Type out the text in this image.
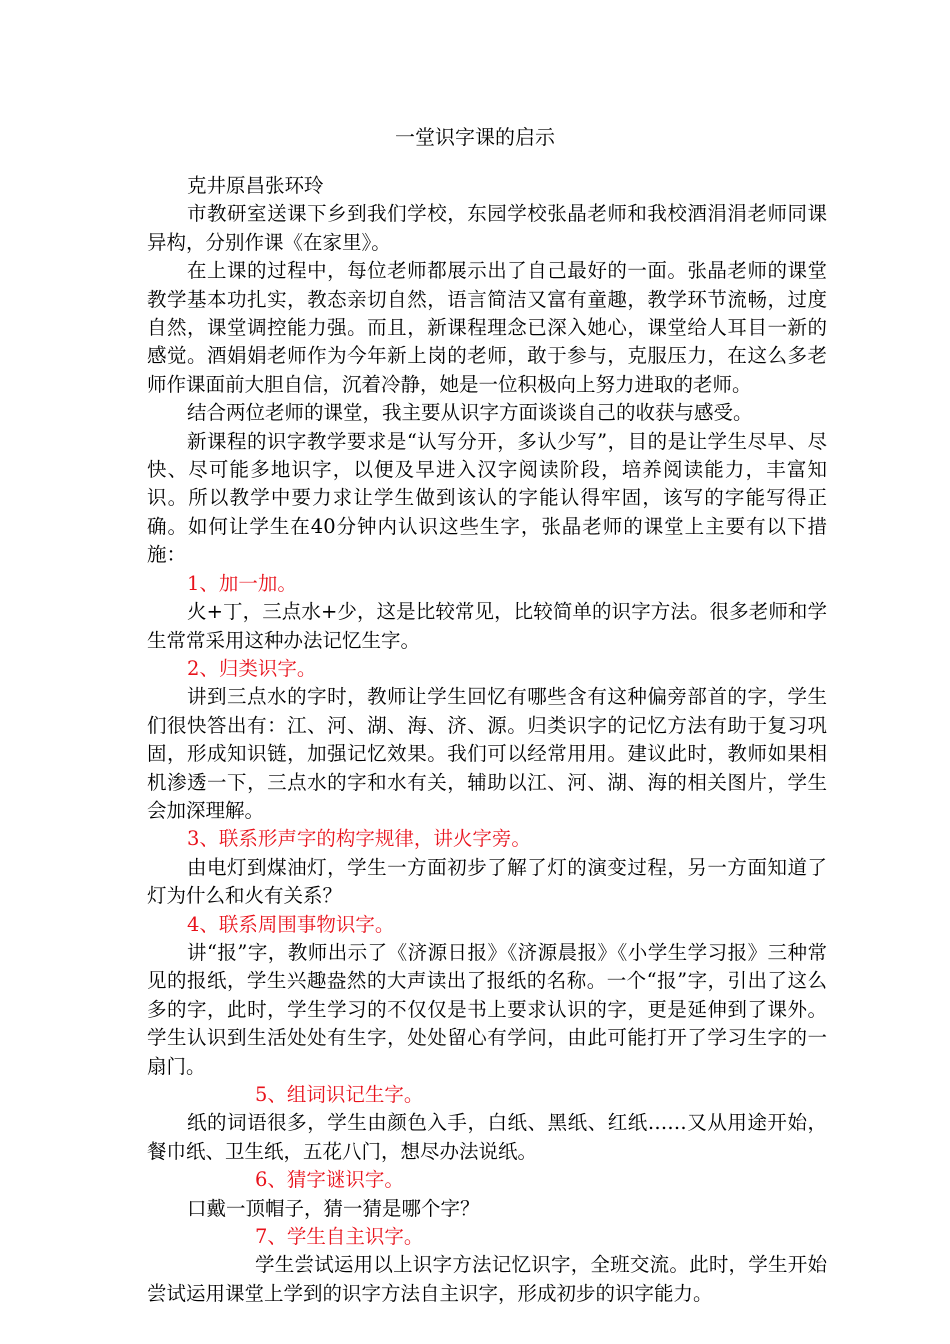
一堂识字课的启示

克井原昌张环玲

市教研室送课下乡到我们学校，东园学校张晶老师和我校酒涓涓老师同课异构，分别作课《在家里》。

在上课的过程中，每位老师都展示出了自己最好的一面。张晶老师的课堂教学基本功扎实，教态亲切自然，语言简洁又富有童趣，教学环节流畅，过度自然，课堂调控能力强。而且，新课程理念已深入她心，课堂给人耳目一新的感觉。酒娟娟老师作为今年新上岗的老师，敢于参与，克服压力，在这么多老师作课面前大胆自信，沉着冷静，她是一位积极向上努力进取的老师。

结合两位老师的课堂，我主要从识字方面谈谈自己的收获与感受。

新课程的识字教学要求是“认写分开，多认少写”，目的是让学生尽早、尽快、尽可能多地识字，以便及早进入汉字阅读阶段，培养阅读能力，丰富知识。所以教学中要力求让学生做到该认的字能认得牢固，该写的字能写得正确。如何让学生在40分钟内认识这些生字，张晶老师的课堂上主要有以下措施：

1、加一加。

火+丁，三点水+少，这是比较常见，比较简单的识字方法。很多老师和学生常常采用这种办法记忆生字。

2、归类识字。

讲到三点水的字时，教师让学生回忆有哪些含有这种偏旁部首的字，学生们很快答出有：江、河、湖、海、济、源。归类识字的记忆方法有助于复习巩固，形成知识链，加强记忆效果。我们可以经常用用。建议此时，教师如果相机渗透一下，三点水的字和水有关，辅助以江、河、湖、海的相关图片，学生会加深理解。

3、联系形声字的构字规律，讲火字旁。

由电灯到煤油灯，学生一方面初步了解了灯的演变过程，另一方面知道了灯为什么和火有关系？

4、联系周围事物识字。

讲“报”字，教师出示了《济源日报》《济源晨报》《小学生学习报》三种常见的报纸，学生兴趣盎然的大声读出了报纸的名称。一个“报”字，引出了这么多的字，此时，学生学习的不仅仅是书上要求认识的字，更是延伸到了课外。学生认识到生活处处有生字，处处留心有学问，由此可能打开了学习生字的一扇门。

5、组词识记生字。

纸的词语很多，学生由颜色入手，白纸、黑纸、红纸……又从用途开始，餐巾纸、卫生纸，五花八门，想尽办法说纸。

6、猜字谜识字。

口戴一顶帽子，猜一猜是哪个字？

7、学生自主识字。

学生尝试运用以上识字方法记忆识字，全班交流。此时，学生开始尝试运用课堂上学到的识字方法自主识字，形成初步的识字能力。
